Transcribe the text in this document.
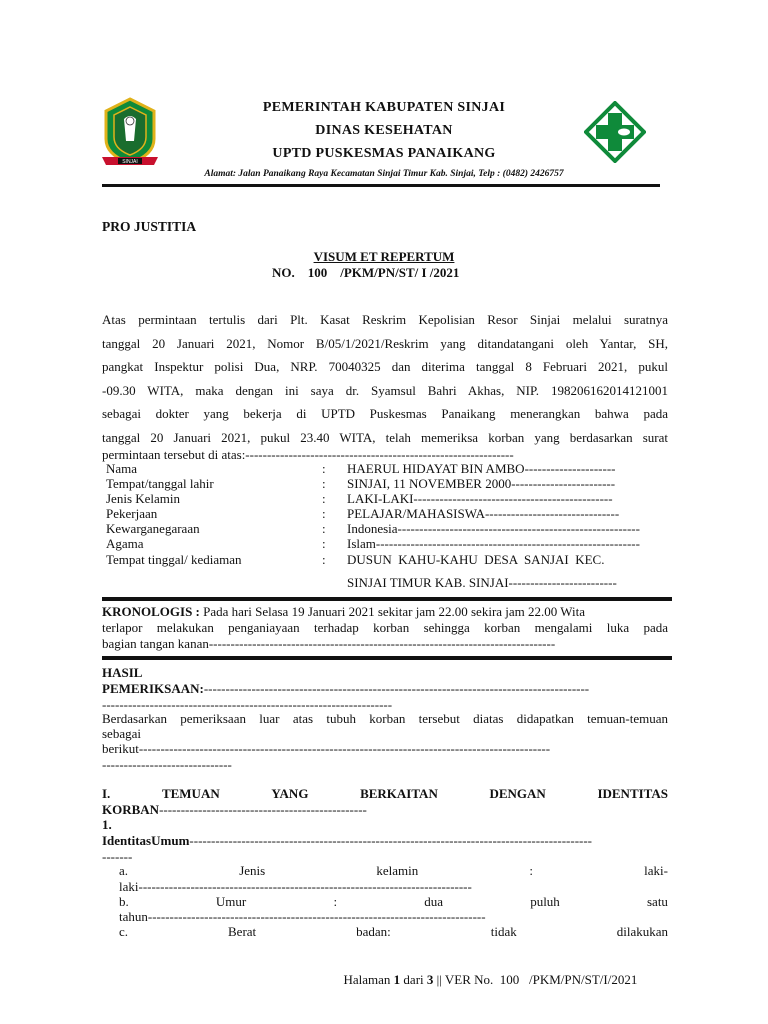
SINJAI
PEMERINTAH KABUPATEN SINJAI
DINAS KESEHATAN
UPTD PUSKESMAS PANAIKANG
Alamat: Jalan Panaikang Raya Kecamatan Sinjai Timur Kab. Sinjai, Telp : (0482) 2426757
PRO JUSTITIA
VISUM ET REPERTUM
NO.    100    /PKM/PN/ST/ I /2021
Atas permintaan tertulis dari Plt. Kasat Reskrim Kepolisian Resor Sinjai melalui suratnya
tanggal 20 Januari 2021, Nomor B/05/1/2021/Reskrim yang ditandatangani oleh Yantar, SH,
pangkat Inspektur polisi Dua, NRP. 70040325 dan diterima tanggal 8 Februari 2021, pukul
-09.30 WITA, maka dengan ini saya dr. Syamsul Bahri Akhas, NIP. 198206162014121001
sebagai dokter yang bekerja di UPTD Puskesmas Panaikang menerangkan bahwa pada
tanggal 20 Januari 2021, pukul 23.40 WITA, telah memeriksa korban yang berdasarkan surat
permintaan tersebut di atas:--------------------------------------------------------------
Nama	: HAERUL HIDAYAT BIN AMBO---------------------
Tempat/tanggal lahir	: SINJAI, 11 NOVEMBER 2000------------------------
Jenis Kelamin	: LAKI-LAKI----------------------------------------------
Pekerjaan	: PELAJAR/MAHASISWA-------------------------------
Kewarganegaraan	: Indonesia--------------------------------------------------------
Agama	: Islam-------------------------------------------------------------
Tempat tinggal/ kediaman	: DUSUN  KAHU-KAHU  DESA  SANJAI  KEC.
SINJAI TIMUR KAB. SINJAI-------------------------
KRONOLOGIS : Pada hari Selasa 19 Januari 2021 sekitar jam 22.00 sekira jam 22.00 Wita
terlapor melakukan penganiayaan terhadap korban sehingga korban mengalami luka pada
bagian tangan kanan--------------------------------------------------------------------------------
HASIL
PEMERIKSAAN:-----------------------------------------------------------------------------------------
-------------------------------------------------------------------
Berdasarkan pemeriksaan luar atas tubuh korban tersebut diatas didapatkan temuan-temuan
sebagai
berikut-----------------------------------------------------------------------------------------------
------------------------------
I.	TEMUAN	YANG	BERKAITAN	DENGAN	IDENTITAS
KORBAN------------------------------------------------
1.
IdentitasUmum---------------------------------------------------------------------------------------------
-------
a.	Jenis	kelamin	:	laki-
laki-----------------------------------------------------------------------------
b.	Umur	:	dua	puluh	satu
tahun------------------------------------------------------------------------------
c.	Berat	badan:	tidak	dilakukan

Halaman 1 dari 3 || VER No.  100   /PKM/PN/ST/I/2021
